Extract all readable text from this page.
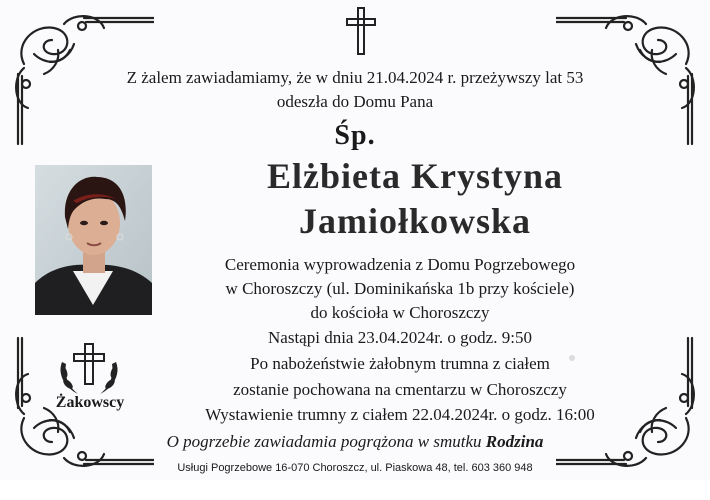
Z żalem zawiadamiamy, że w dniu 21.04.2024 r. przeżywszy lat 53
odeszła do Domu Pana
Śp.
Elżbieta Krystyna
Jamiołkowska
Ceremonia wyprowadzenia z Domu Pogrzebowego
w Choroszczy (ul. Dominikańska 1b przy kościele)
do kościoła w Choroszczy
Nastąpi dnia 23.04.2024r. o godz. 9:50
Po nabożeństwie żałobnym trumna z ciałem
zostanie pochowana na cmentarzu w Choroszczy
Wystawienie trumny z ciałem 22.04.2024r. o godz. 16:00
O pogrzebie zawiadamia pogrążona w smutku Rodzina
Żakowscy
Usługi Pogrzebowe 16-070 Choroszcz, ul. Piaskowa 48, tel. 603 360 948
